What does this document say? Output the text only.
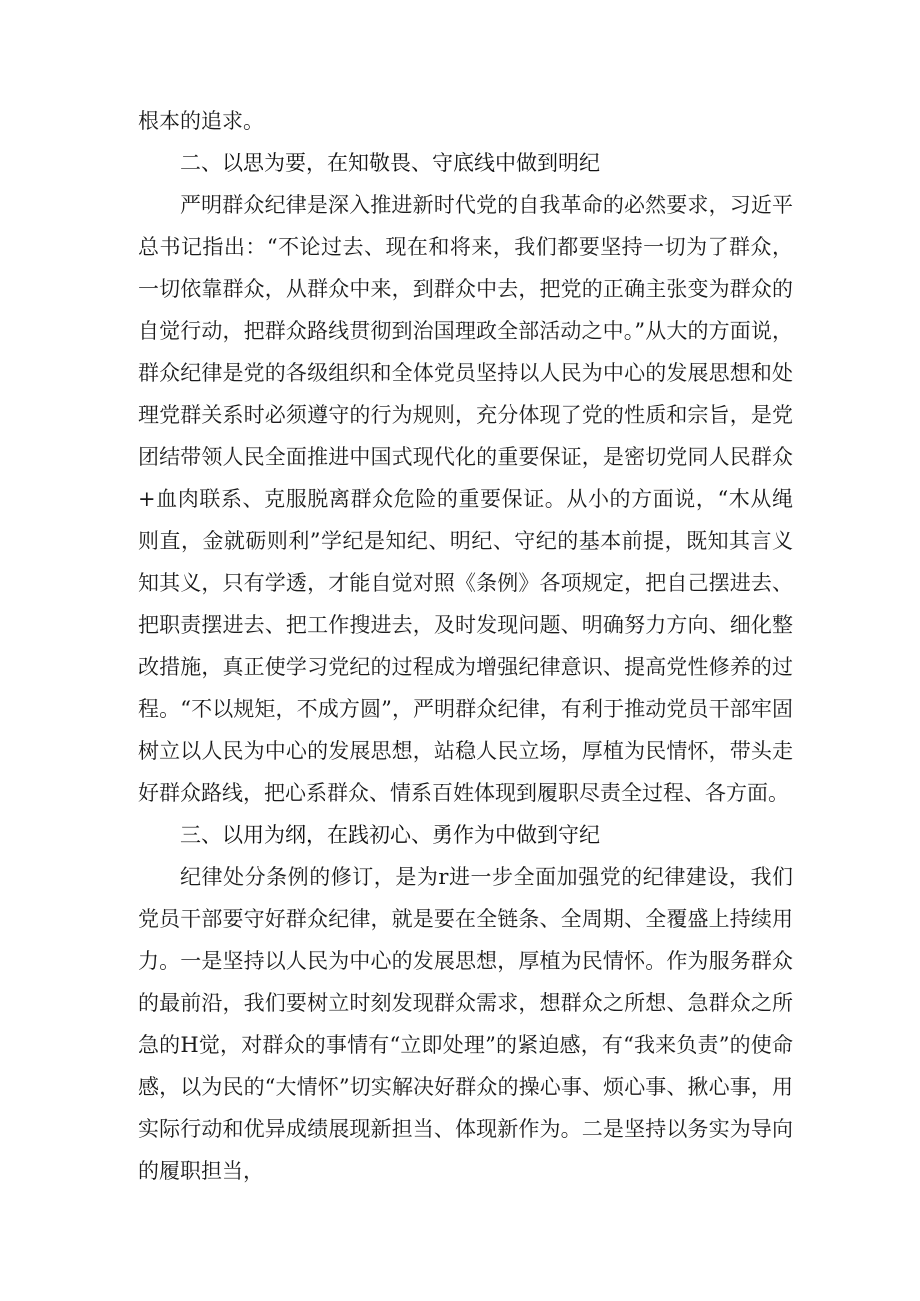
根本的追求。

二、以思为要，在知敬畏、守底线中做到明纪

严明群众纪律是深入推进新时代党的自我革命的必然要求，习近平总书记指出：“不论过去、现在和将来，我们都要坚持一切为了群众，一切依靠群众，从群众中来，到群众中去，把党的正确主张变为群众的自觉行动，把群众路线贯彻到治国理政全部活动之中。”从大的方面说，群众纪律是党的各级组织和全体党员坚持以人民为中心的发展思想和处理党群关系时必须遵守的行为规则，充分体现了党的性质和宗旨，是党团结带领人民全面推进中国式现代化的重要保证，是密切党同人民群众+血肉联系、克服脱离群众危险的重要保证。从小的方面说，“木从绳则直，金就砺则利”学纪是知纪、明纪、守纪的基本前提，既知其言义知其义，只有学透，才能自觉对照《条例》各项规定，把自己摆进去、把职责摆进去、把工作搜进去，及时发现问题、明确努力方向、细化整改措施，真正使学习党纪的过程成为增强纪律意识、提高党性修养的过程。“不以规矩，不成方圆”，严明群众纪律，有利于推动党员干部牢固树立以人民为中心的发展思想，站稳人民立场，厚植为民情怀，带头走好群众路线，把心系群众、情系百姓体现到履职尽责全过程、各方面。

三、以用为纲，在践初心、勇作为中做到守纪

纪律处分条例的修订，是为r进一步全面加强党的纪律建设，我们党员干部要守好群众纪律，就是要在全链条、全周期、全覆盛上持续用力。一是坚持以人民为中心的发展思想，厚植为民情怀。作为服务群众的最前沿，我们要树立时刻发现群众需求，想群众之所想、急群众之所急的H觉，对群众的事情有“立即处理”的紧迫感，有“我来负责”的使命感，以为民的“大情怀”切实解决好群众的操心事、烦心事、揪心事，用实际行动和优异成绩展现新担当、体现新作为。二是坚持以务实为导向的履职担当，
